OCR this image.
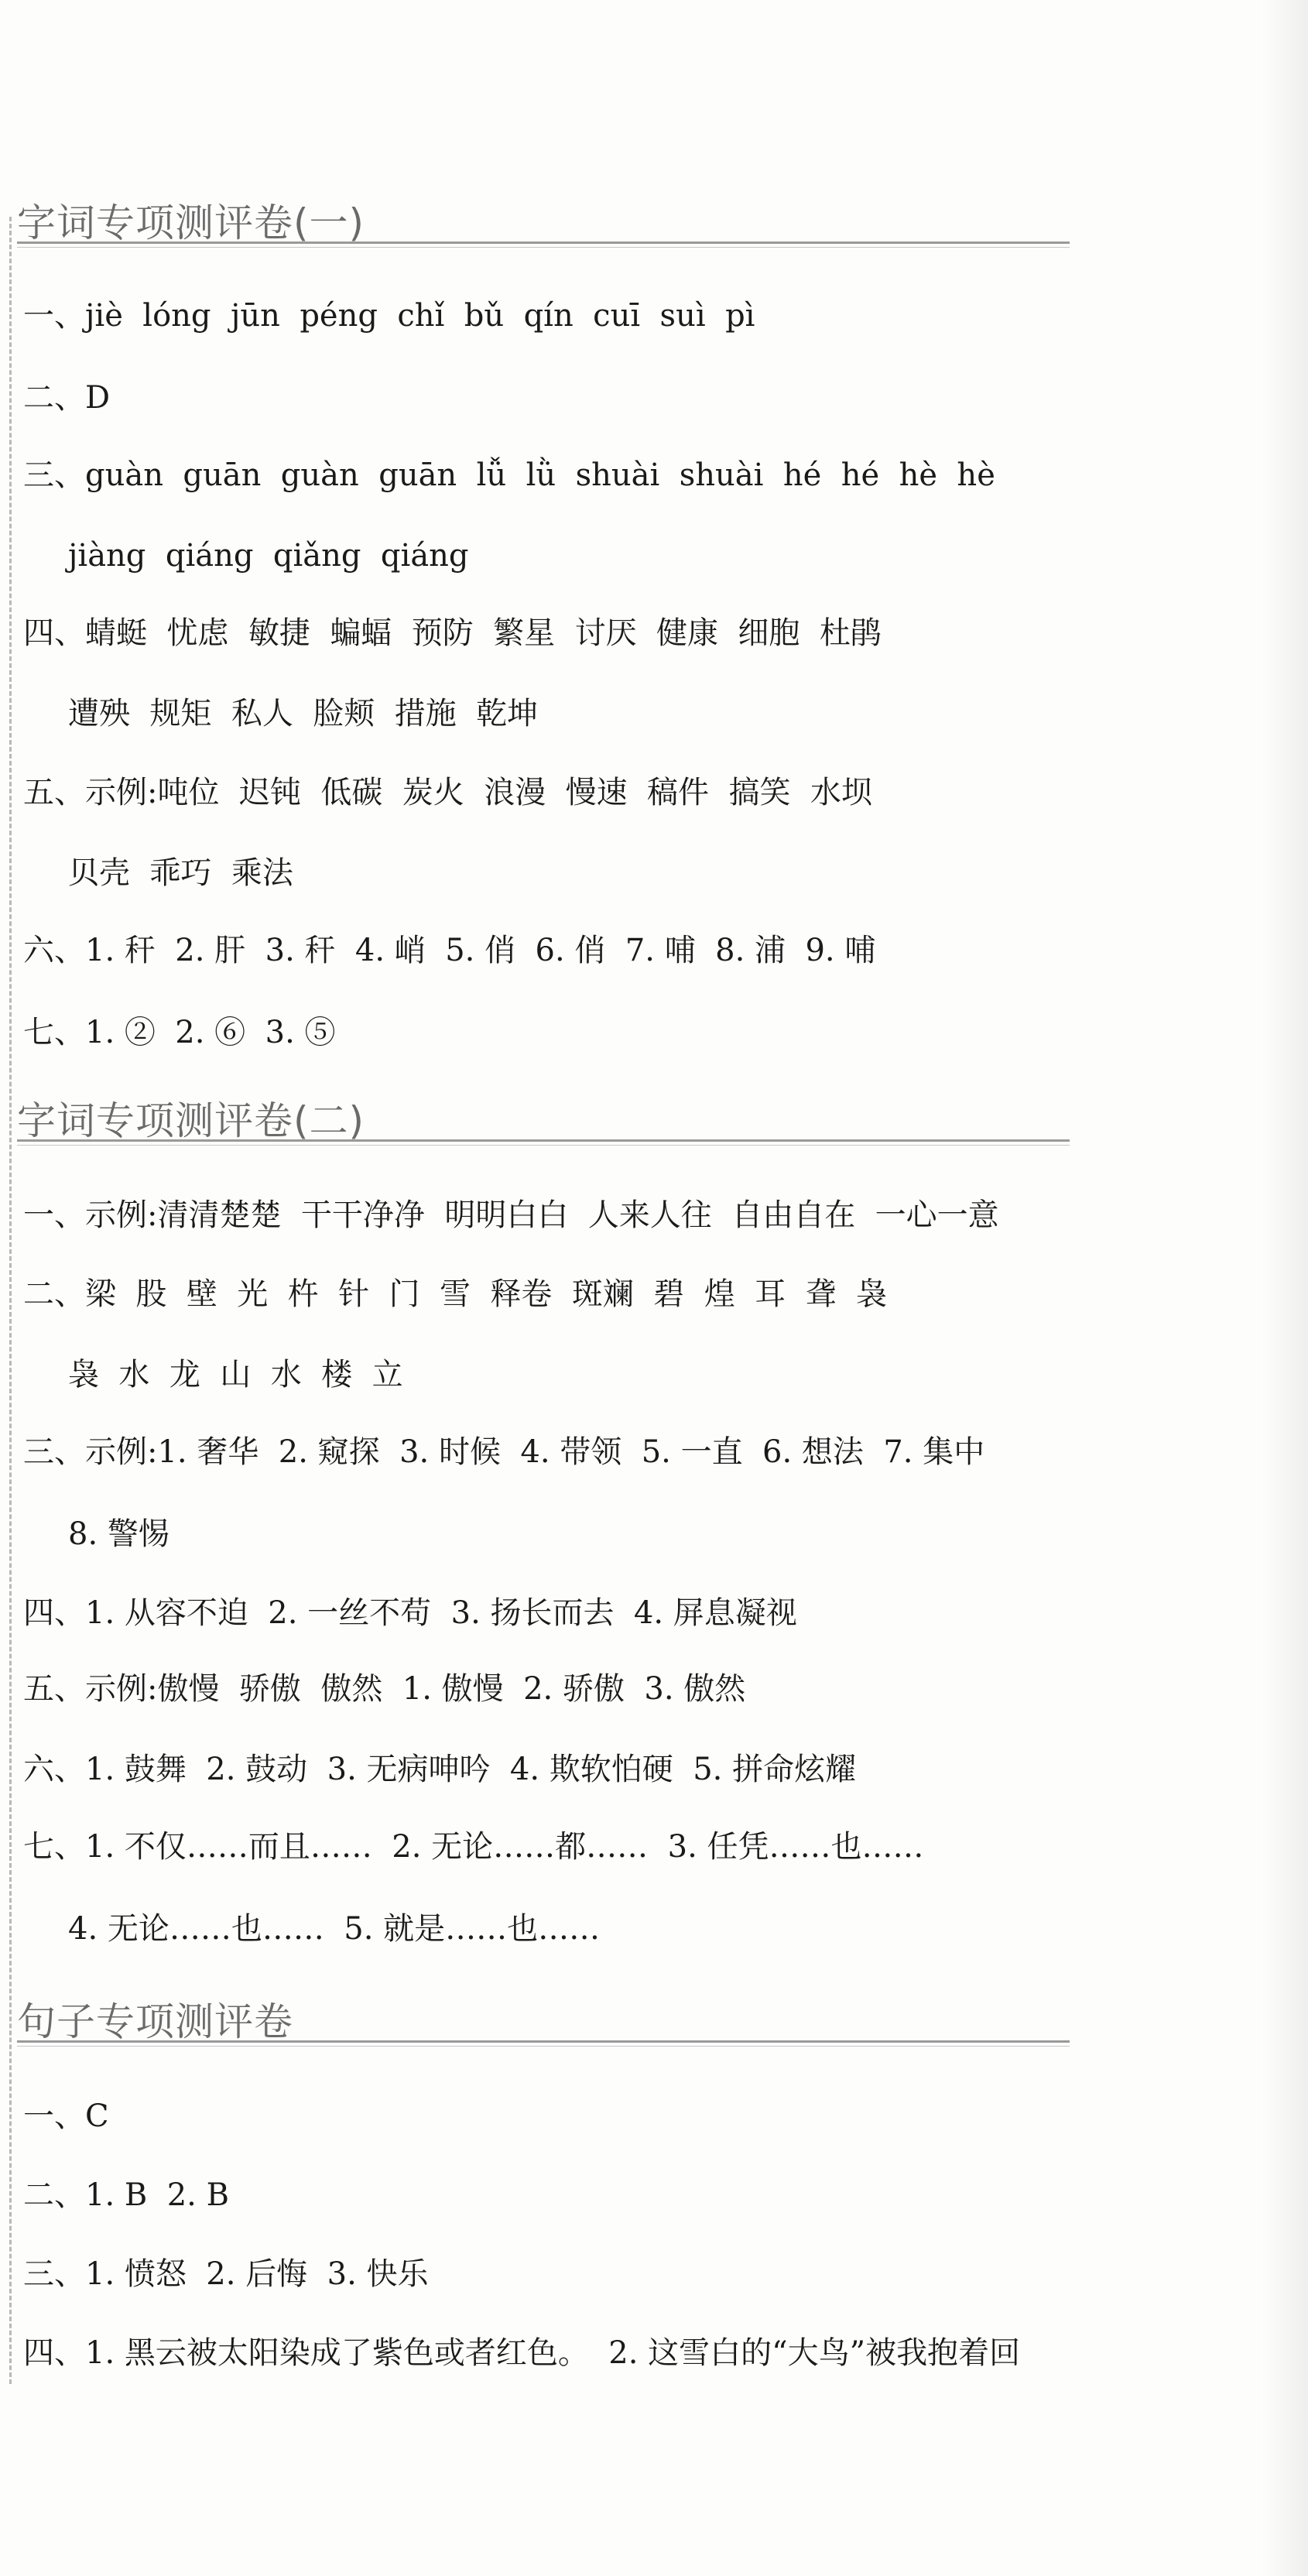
字词专项测评卷(一)
一、jiè  lóng  jūn  péng  chǐ  bǔ  qín  cuī  suì  pì
二、D
三、guàn  guān  guàn  guān  lǚ  lǜ  shuài  shuài  hé  hé  hè  hè
jiàng  qiáng  qiǎng  qiáng
四、蜻蜓  忧虑  敏捷  蝙蝠  预防  繁星  讨厌  健康  细胞  杜鹃
遭殃  规矩  私人  脸颊  措施  乾坤
五、示例:吨位  迟钝  低碳  炭火  浪漫  慢速  稿件  搞笑  水坝
贝壳  乖巧  乘法
六、1. 秆  2. 肝  3. 秆  4. 峭  5. 俏  6. 俏  7. 哺  8. 浦  9. 哺
七、1. ②  2. ⑥  3. ⑤
字词专项测评卷(二)
一、示例:清清楚楚  干干净净  明明白白  人来人往  自由自在  一心一意
二、梁  股  壁  光  杵  针  门  雪  释卷  斑斓  碧  煌  耳  聋  袅
袅  水  龙  山  水  楼  立
三、示例:1. 奢华  2. 窥探  3. 时候  4. 带领  5. 一直  6. 想法  7. 集中
8. 警惕
四、1. 从容不迫  2. 一丝不苟  3. 扬长而去  4. 屏息凝视
五、示例:傲慢  骄傲  傲然  1. 傲慢  2. 骄傲  3. 傲然
六、1. 鼓舞  2. 鼓动  3. 无病呻吟  4. 欺软怕硬  5. 拼命炫耀
七、1. 不仅……而且……  2. 无论……都……  3. 任凭……也……
4. 无论……也……  5. 就是……也……
句子专项测评卷
一、C
二、1. B  2. B
三、1. 愤怒  2. 后悔  3. 快乐
四、1. 黑云被太阳染成了紫色或者红色。  2. 这雪白的“大鸟”被我抱着回
